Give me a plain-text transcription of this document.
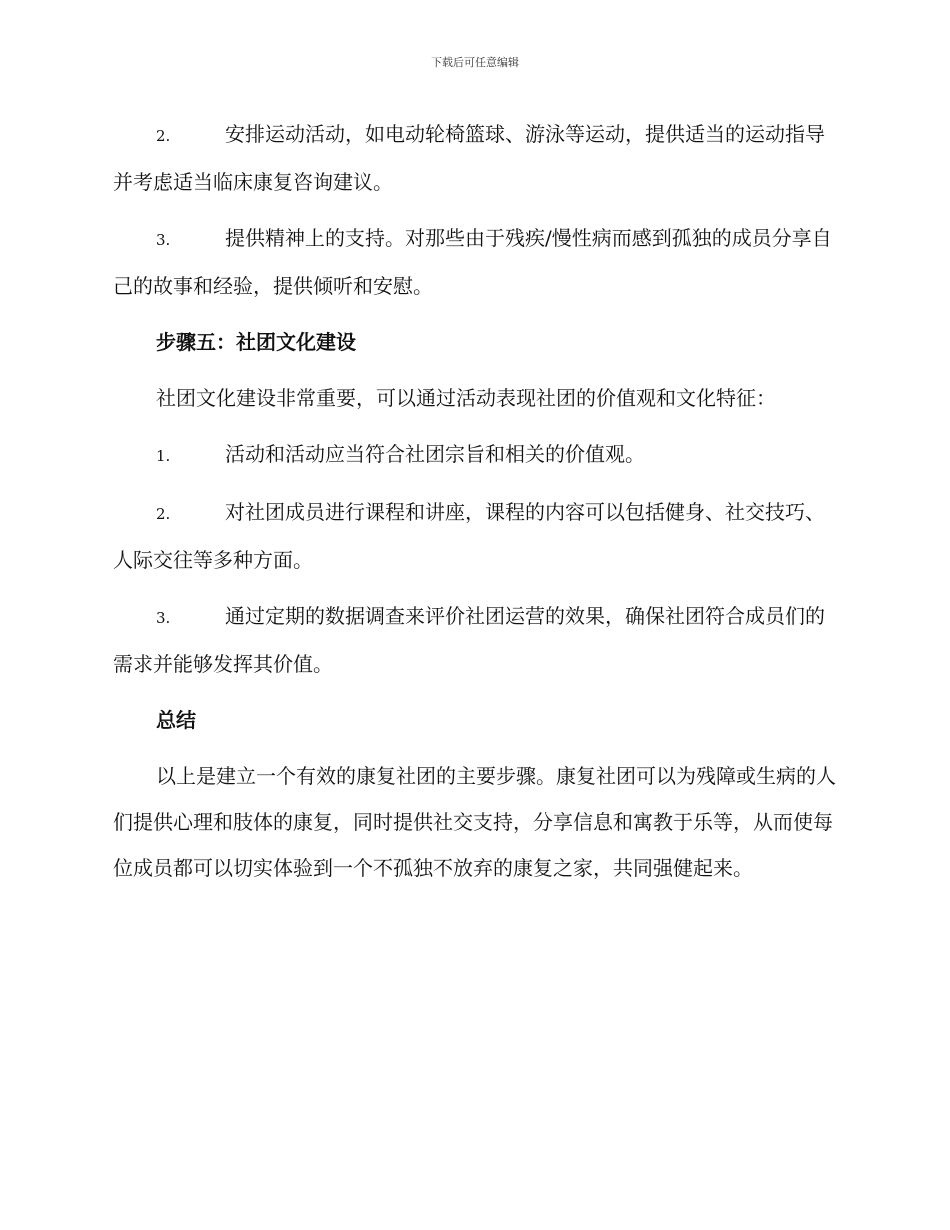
下载后可任意编辑
2.	安排运动活动，如电动轮椅篮球、游泳等运动，提供适当的运动指导并考虑适当临床康复咨询建议。
3.	提供精神上的支持。对那些由于残疾/慢性病而感到孤独的成员分享自己的故事和经验，提供倾听和安慰。
步骤五：社团文化建设
社团文化建设非常重要，可以通过活动表现社团的价值观和文化特征：
1.	活动和活动应当符合社团宗旨和相关的价值观。
2.	对社团成员进行课程和讲座，课程的内容可以包括健身、社交技巧、人际交往等多种方面。
3.	通过定期的数据调查来评价社团运营的效果，确保社团符合成员们的需求并能够发挥其价值。
总结
以上是建立一个有效的康复社团的主要步骤。康复社团可以为残障或生病的人们提供心理和肢体的康复，同时提供社交支持，分享信息和寓教于乐等，从而使每位成员都可以切实体验到一个不孤独不放弃的康复之家，共同强健起来。
